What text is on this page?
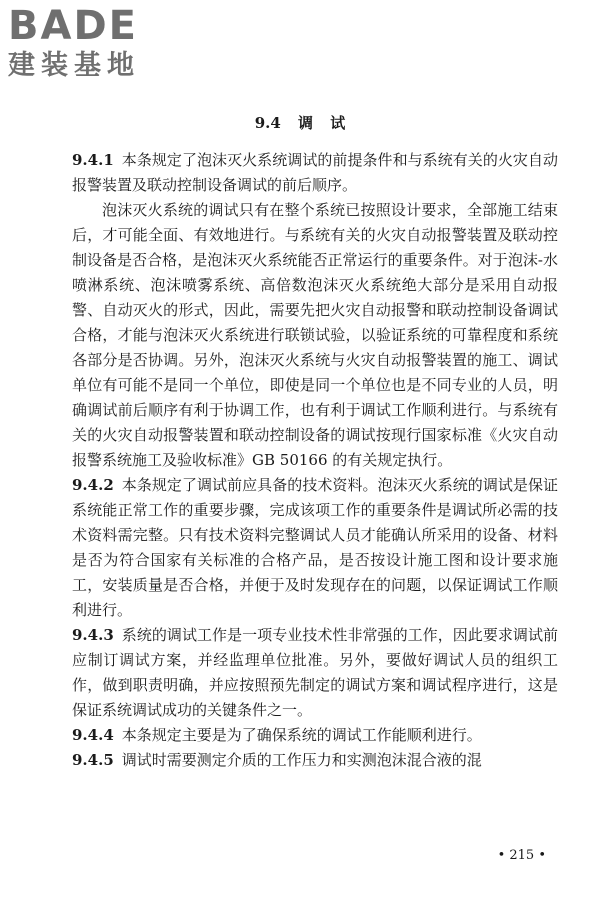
BADE
建装基地
9.4 调 试

9.4.1 本条规定了泡沫灭火系统调试的前提条件和与系统有关的火灾自动报警装置及联动控制设备调试的前后顺序。

泡沫灭火系统的调试只有在整个系统已按照设计要求，全部施工结束后，才可能全面、有效地进行。与系统有关的火灾自动报警装置及联动控制设备是否合格，是泡沫灭火系统能否正常运行的重要条件。对于泡沫-水喷淋系统、泡沫喷雾系统、高倍数泡沫灭火系统绝大部分是采用自动报警、自动灭火的形式，因此，需要先把火灾自动报警和联动控制设备调试合格，才能与泡沫灭火系统进行联锁试验，以验证系统的可靠程度和系统各部分是否协调。另外，泡沫灭火系统与火灾自动报警装置的施工、调试单位有可能不是同一个单位，即使是同一个单位也是不同专业的人员，明确调试前后顺序有利于协调工作，也有利于调试工作顺利进行。与系统有关的火灾自动报警装置和联动控制设备的调试按现行国家标准《火灾自动报警系统施工及验收标准》GB 50166 的有关规定执行。

9.4.2 本条规定了调试前应具备的技术资料。泡沫灭火系统的调试是保证系统能正常工作的重要步骤，完成该项工作的重要条件是调试所必需的技术资料需完整。只有技术资料完整调试人员才能确认所采用的设备、材料是否为符合国家有关标准的合格产品，是否按设计施工图和设计要求施工，安装质量是否合格，并便于及时发现存在的问题，以保证调试工作顺利进行。

9.4.3 系统的调试工作是一项专业技术性非常强的工作，因此要求调试前应制订调试方案，并经监理单位批准。另外，要做好调试人员的组织工作，做到职责明确，并应按照预先制定的调试方案和调试程序进行，这是保证系统调试成功的关键条件之一。

9.4.4 本条规定主要是为了确保系统的调试工作能顺利进行。

9.4.5 调试时需要测定介质的工作压力和实测泡沫混合液的混

• 215 •
